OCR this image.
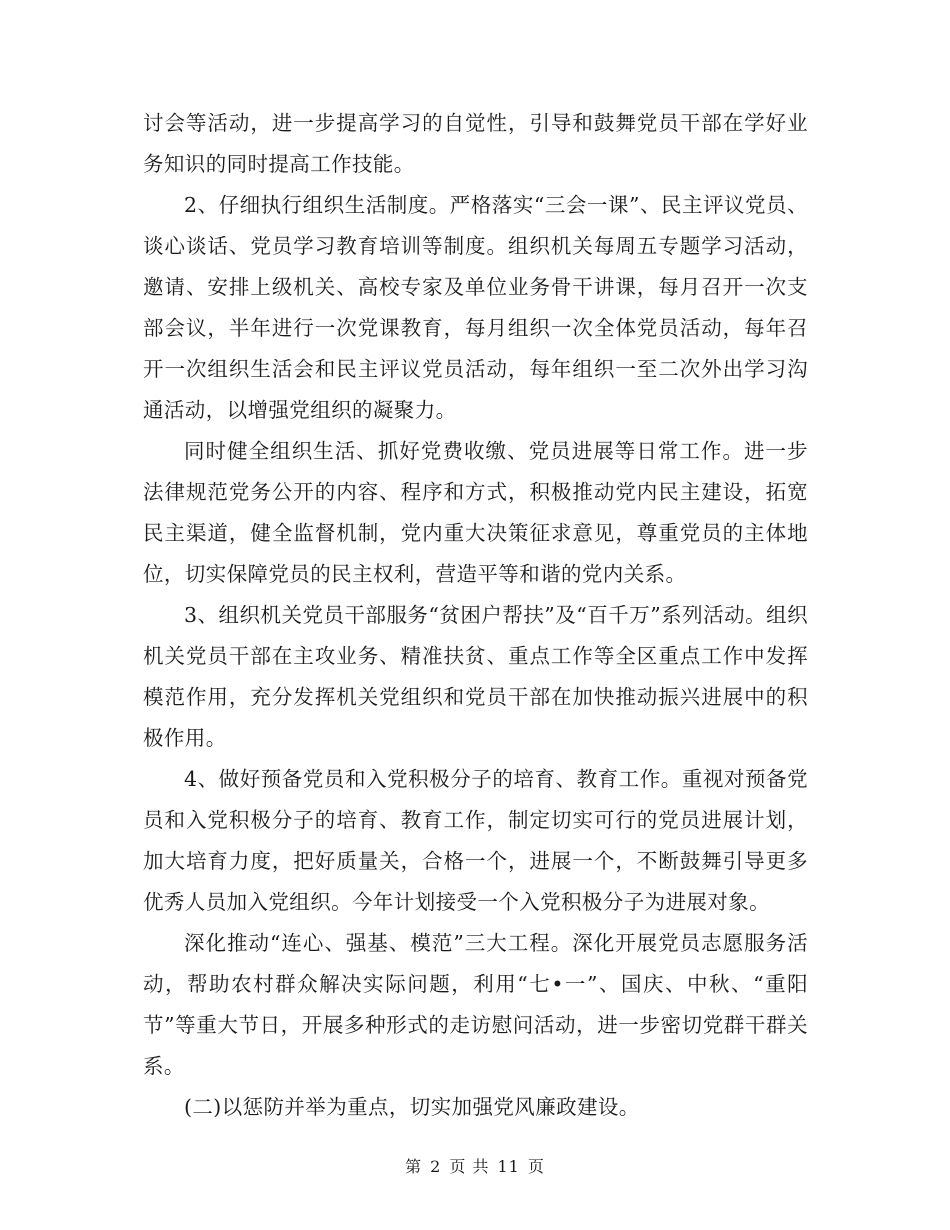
讨会等活动，进一步提高学习的自觉性，引导和鼓舞党员干部在学好业务知识的同时提高工作技能。

2、仔细执行组织生活制度。严格落实“三会一课”、民主评议党员、谈心谈话、党员学习教育培训等制度。组织机关每周五专题学习活动，邀请、安排上级机关、高校专家及单位业务骨干讲课，每月召开一次支部会议，半年进行一次党课教育，每月组织一次全体党员活动，每年召开一次组织生活会和民主评议党员活动，每年组织一至二次外出学习沟通活动，以增强党组织的凝聚力。

同时健全组织生活、抓好党费收缴、党员进展等日常工作。进一步法律规范党务公开的内容、程序和方式，积极推动党内民主建设，拓宽民主渠道，健全监督机制，党内重大决策征求意见，尊重党员的主体地位，切实保障党员的民主权利，营造平等和谐的党内关系。

3、组织机关党员干部服务“贫困户帮扶”及“百千万”系列活动。组织机关党员干部在主攻业务、精准扶贫、重点工作等全区重点工作中发挥模范作用，充分发挥机关党组织和党员干部在加快推动振兴进展中的积极作用。

4、做好预备党员和入党积极分子的培育、教育工作。重视对预备党员和入党积极分子的培育、教育工作，制定切实可行的党员进展计划，加大培育力度，把好质量关，合格一个，进展一个，不断鼓舞引导更多优秀人员加入党组织。今年计划接受一个入党积极分子为进展对象。

深化推动“连心、强基、模范”三大工程。深化开展党员志愿服务活动，帮助农村群众解决实际问题，利用“七•一”、国庆、中秋、“重阳节”等重大节日，开展多种形式的走访慰问活动，进一步密切党群干群关系。

(二)以惩防并举为重点，切实加强党风廉政建设。

第 2 页 共 11 页
